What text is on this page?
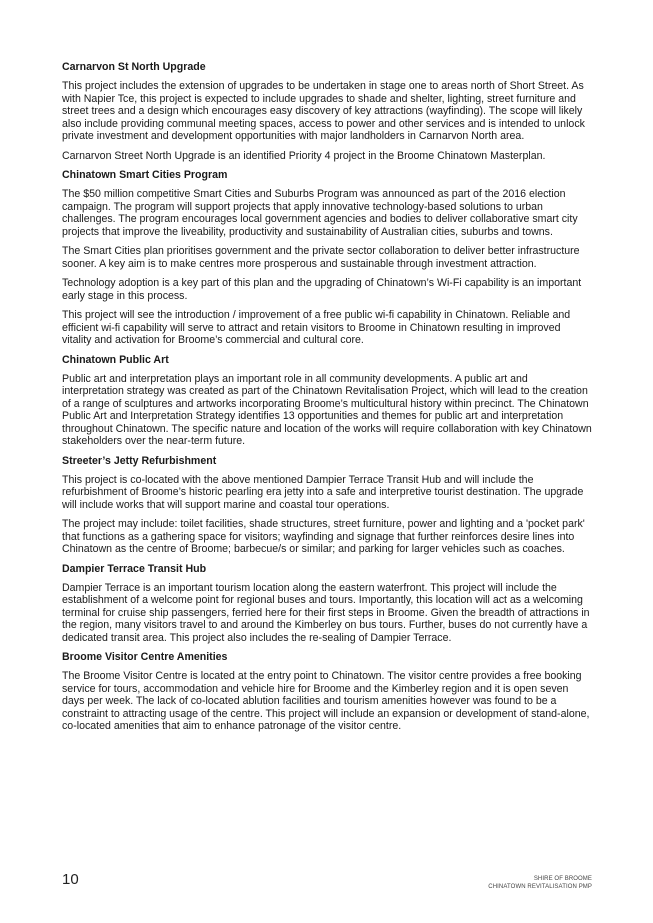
Carnarvon St North Upgrade

This project includes the extension of upgrades to be undertaken in stage one to areas north of Short Street. As with Napier Tce, this project is expected to include upgrades to shade and shelter, lighting, street furniture and street trees and a design which encourages easy discovery of key attractions (wayfinding). The scope will likely also include providing communal meeting spaces, access to power and other services and is intended to unlock private investment and development opportunities with major landholders in Carnarvon North area.

Carnarvon Street North Upgrade is an identified Priority 4 project in the Broome Chinatown Masterplan.

Chinatown Smart Cities Program

The $50 million competitive Smart Cities and Suburbs Program was announced as part of the 2016 election campaign. The program will support projects that apply innovative technology-based solutions to urban challenges. The program encourages local government agencies and bodies to deliver collaborative smart city projects that improve the liveability, productivity and sustainability of Australian cities, suburbs and towns.

The Smart Cities plan prioritises government and the private sector collaboration to deliver better infrastructure sooner. A key aim is to make centres more prosperous and sustainable through investment attraction.

Technology adoption is a key part of this plan and the upgrading of Chinatown’s Wi-Fi capability is an important early stage in this process.

This project will see the introduction / improvement of a free public wi-fi capability in Chinatown. Reliable and efficient wi-fi capability will serve to attract and retain visitors to Broome in Chinatown resulting in improved vitality and activation for Broome’s commercial and cultural core.

Chinatown Public Art

Public art and interpretation plays an important role in all community developments. A public art and interpretation strategy was created as part of the Chinatown Revitalisation Project, which will lead to the creation of a range of sculptures and artworks incorporating Broome’s multicultural history within precinct. The Chinatown Public Art and Interpretation Strategy identifies 13 opportunities and themes for public art and interpretation throughout Chinatown. The specific nature and location of the works will require collaboration with key Chinatown stakeholders over the near-term future.

Streeter’s Jetty Refurbishment

This project is co-located with the above mentioned Dampier Terrace Transit Hub and will include the refurbishment of Broome’s historic pearling era jetty into a safe and interpretive tourist destination. The upgrade will include works that will support marine and coastal tour operations.

The project may include: toilet facilities, shade structures, street furniture, power and lighting and a 'pocket park' that functions as a gathering space for visitors; wayfinding and signage that further reinforces desire lines into Chinatown as the centre of Broome; barbecue/s or similar; and parking for larger vehicles such as coaches.

Dampier Terrace Transit Hub

Dampier Terrace is an important tourism location along the eastern waterfront. This project will include the establishment of a welcome point for regional buses and tours. Importantly, this location will act as a welcoming terminal for cruise ship passengers, ferried here for their first steps in Broome. Given the breadth of attractions in the region, many visitors travel to and around the Kimberley on bus tours. Further, buses do not currently have a dedicated transit area. This project also includes the re-sealing of Dampier Terrace.

Broome Visitor Centre Amenities

The Broome Visitor Centre is located at the entry point to Chinatown. The visitor centre provides a free booking service for tours, accommodation and vehicle hire for Broome and the Kimberley region and it is open seven days per week. The lack of co-located ablution facilities and tourism amenities however was found to be a constraint to attracting usage of the centre. This project will include an expansion or development of stand-alone, co-located amenities that aim to enhance patronage of the visitor centre.

10	SHIRE OF BROOME
CHINATOWN REVITALISATION PMP
